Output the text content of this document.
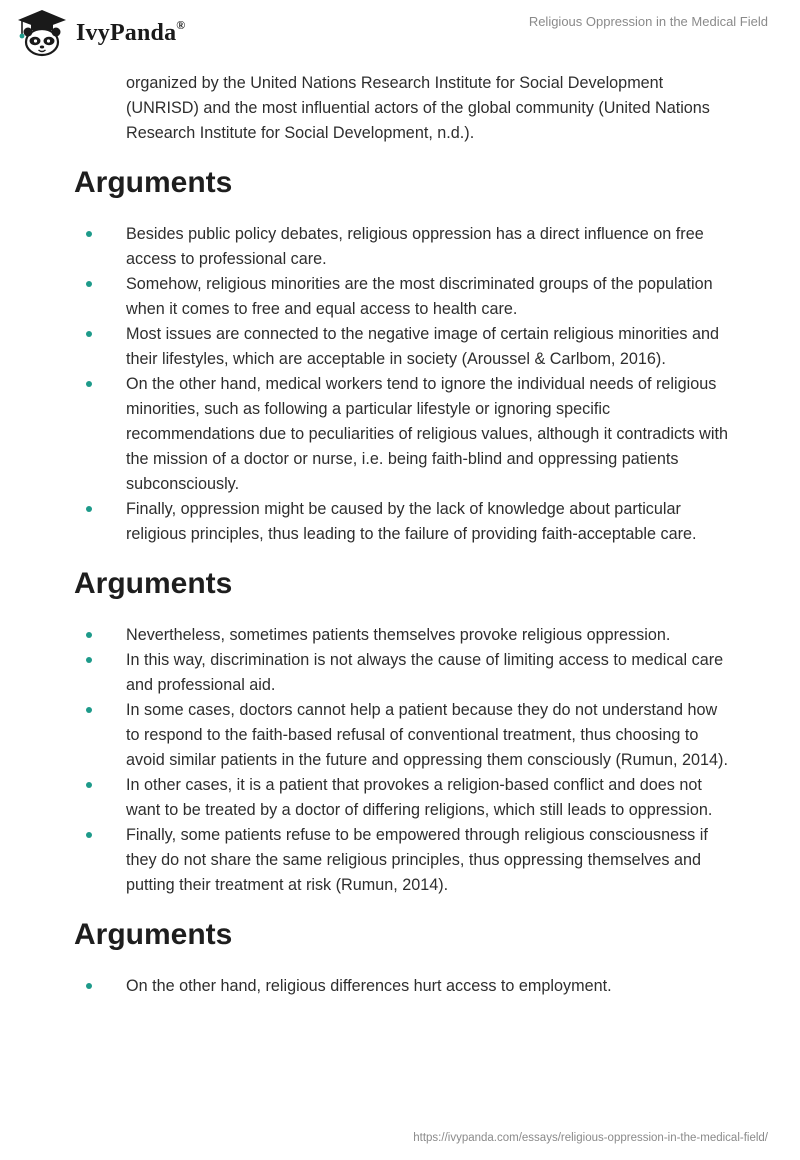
IvyPanda®	Religious Oppression in the Medical Field

organized by the United Nations Research Institute for Social Development (UNRISD) and the most influential actors of the global community (United Nations Research Institute for Social Development, n.d.).

Arguments
Besides public policy debates, religious oppression has a direct influence on free access to professional care.
Somehow, religious minorities are the most discriminated groups of the population when it comes to free and equal access to health care.
Most issues are connected to the negative image of certain religious minorities and their lifestyles, which are acceptable in society (Aroussel & Carlbom, 2016).
On the other hand, medical workers tend to ignore the individual needs of religious minorities, such as following a particular lifestyle or ignoring specific recommendations due to peculiarities of religious values, although it contradicts with the mission of a doctor or nurse, i.e. being faith-blind and oppressing patients subconsciously.
Finally, oppression might be caused by the lack of knowledge about particular religious principles, thus leading to the failure of providing faith-acceptable care.
Arguments
Nevertheless, sometimes patients themselves provoke religious oppression.
In this way, discrimination is not always the cause of limiting access to medical care and professional aid.
In some cases, doctors cannot help a patient because they do not understand how to respond to the faith-based refusal of conventional treatment, thus choosing to avoid similar patients in the future and oppressing them consciously (Rumun, 2014).
In other cases, it is a patient that provokes a religion-based conflict and does not want to be treated by a doctor of differing religions, which still leads to oppression.
Finally, some patients refuse to be empowered through religious consciousness if they do not share the same religious principles, thus oppressing themselves and putting their treatment at risk (Rumun, 2014).
Arguments
On the other hand, religious differences hurt access to employment.
https://ivypanda.com/essays/religious-oppression-in-the-medical-field/
